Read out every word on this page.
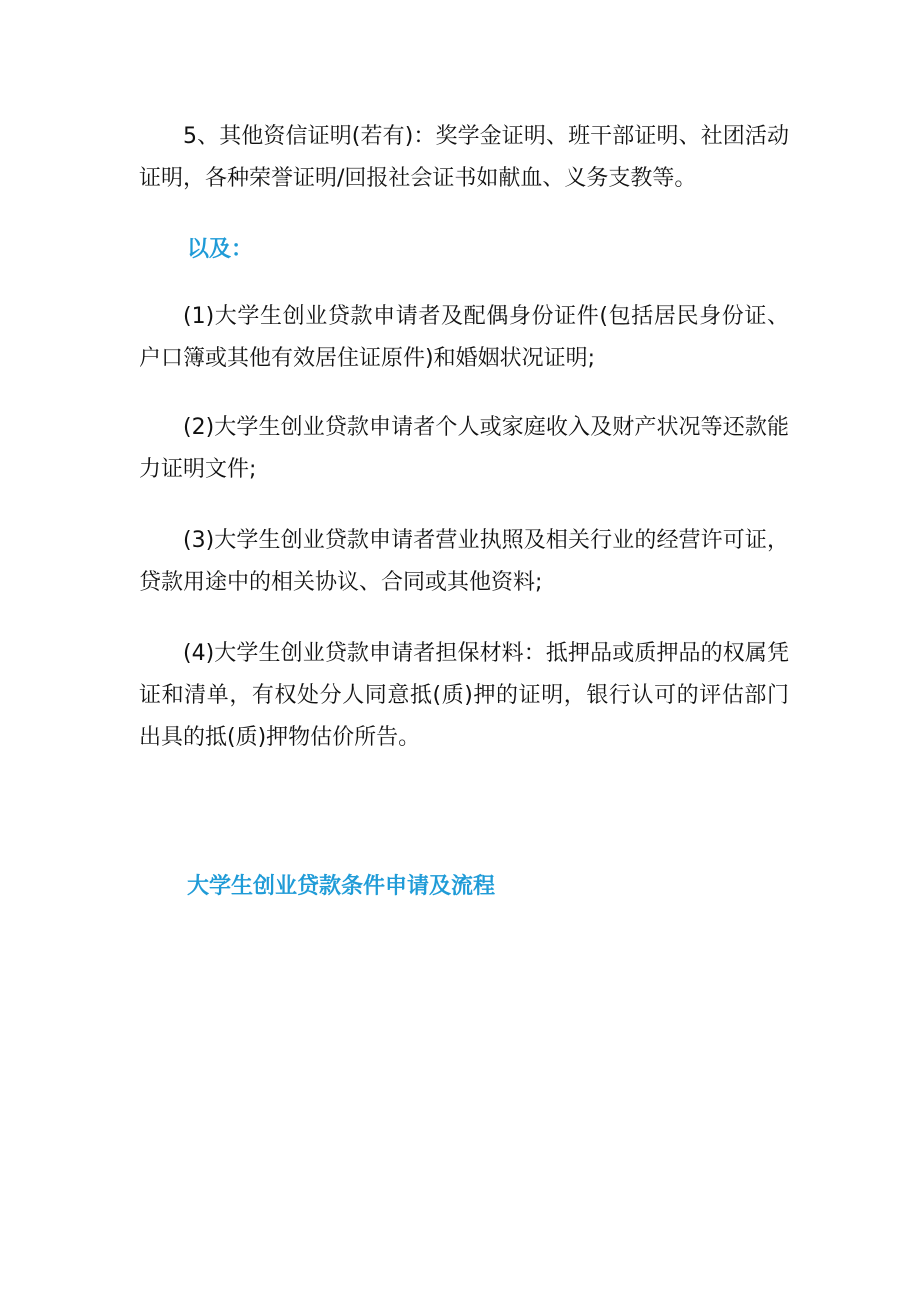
5、其他资信证明(若有)：奖学金证明、班干部证明、社团活动证明，各种荣誉证明/回报社会证书如献血、义务支教等。

以及：

(1)大学生创业贷款申请者及配偶身份证件(包括居民身份证、户口簿或其他有效居住证原件)和婚姻状况证明;

(2)大学生创业贷款申请者个人或家庭收入及财产状况等还款能力证明文件;

(3)大学生创业贷款申请者营业执照及相关行业的经营许可证，贷款用途中的相关协议、合同或其他资料;

(4)大学生创业贷款申请者担保材料：抵押品或质押品的权属凭证和清单，有权处分人同意抵(质)押的证明，银行认可的评估部门出具的抵(质)押物估价所告。

大学生创业贷款条件申请及流程
